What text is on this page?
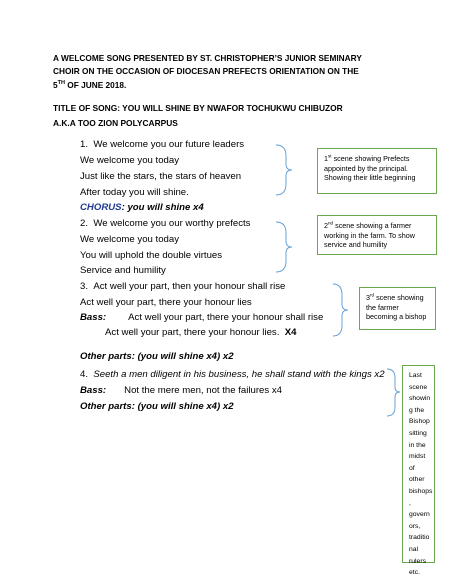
A WELCOME SONG PRESENTED BY ST. CHRISTOPHER’S JUNIOR SEMINARY
CHOIR ON THE OCCASION OF DIOCESAN PREFECTS ORIENTATION ON THE
5TH OF JUNE 2018.
TITLE OF SONG: YOU WILL SHINE BY NWAFOR TOCHUKWU CHIBUZOR
A.K.A TOO ZION POLYCARPUS
1. We welcome you our future leaders
We welcome you today
Just like the stars, the stars of heaven
After today you will shine.
CHORUS: you will shine x4
2. We welcome you our worthy prefects
We welcome you today
You will uphold the double virtues
Service and humility
3. Act well your part, then your honour shall rise
Act well your part, there your honour lies
Bass: Act well your part, there your honour shall rise
Act well your part, there your honour lies. X4
Other parts: (you will shine x4) x2
4. Seeth a men diligent in his business, he shall stand with the kings x2
Bass: Not the mere men, not the failures x4
Other parts: (you will shine x4) x2
1st scene showing Prefects appointed by the principal. Showing their little beginning
2nd scene showing a farmer working in the farm. To show service and humility
3rd scene showing the farmer becoming a bishop
Last
scene
showin
g the
Bishop
sitting
in the
midst
of
other
bishops
,
govern
ors,
traditio
nal
rulers
etc.
